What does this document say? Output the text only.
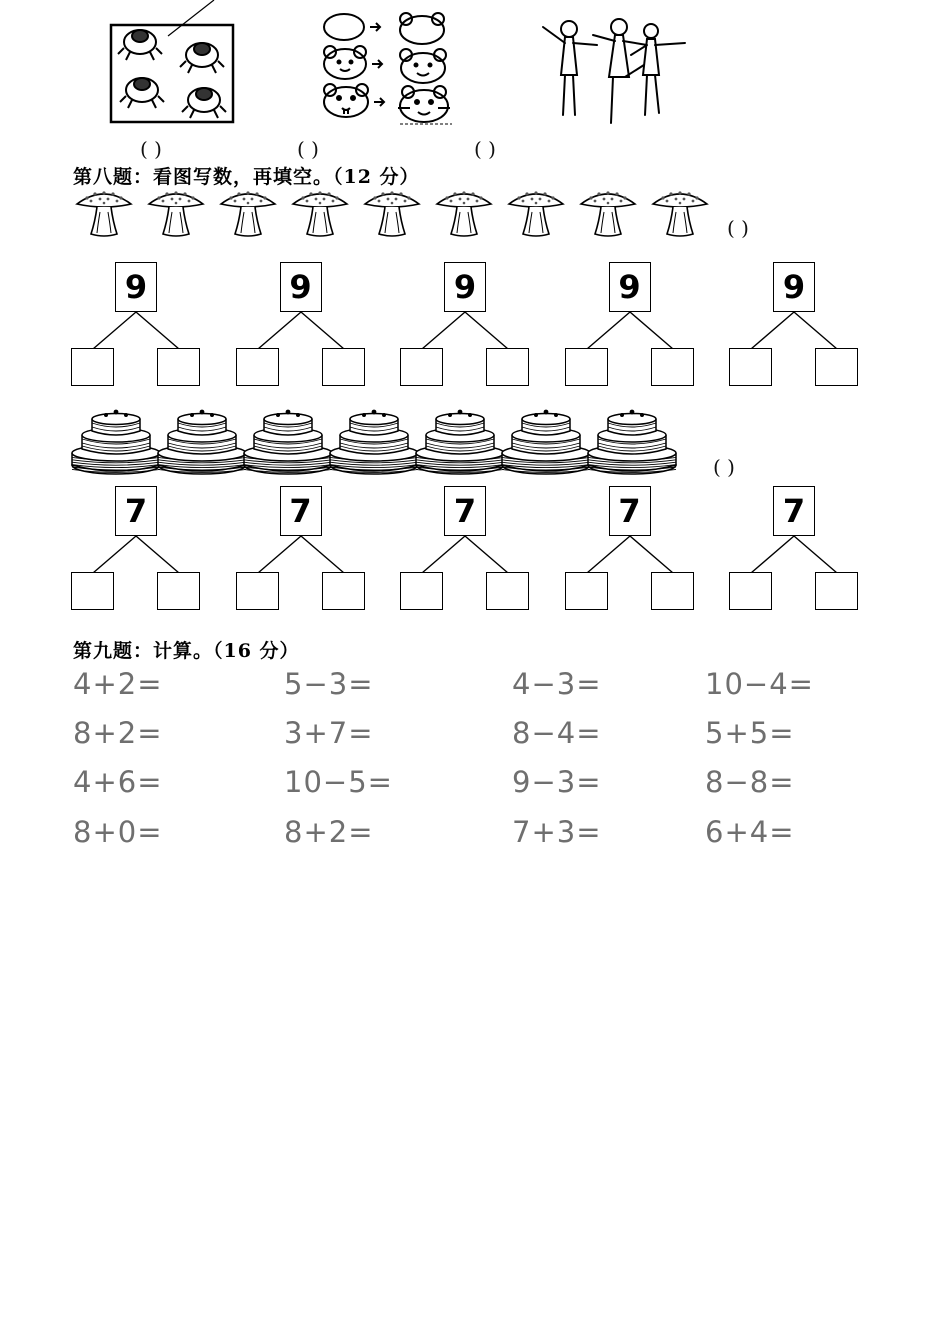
( )	( )	( )
第八题：看图写数，再填空。（12 分）
( )
9	9	9	9	9
( )
7	7	7	7	7
第九题：计算。（16 分）
4+2=	5−3=	4−3=	10−4=
8+2=	3+7=	8−4=	5+5=
4+6=	10−5=	9−3=	8−8=
8+0=	8+2=	7+3=	6+4=
